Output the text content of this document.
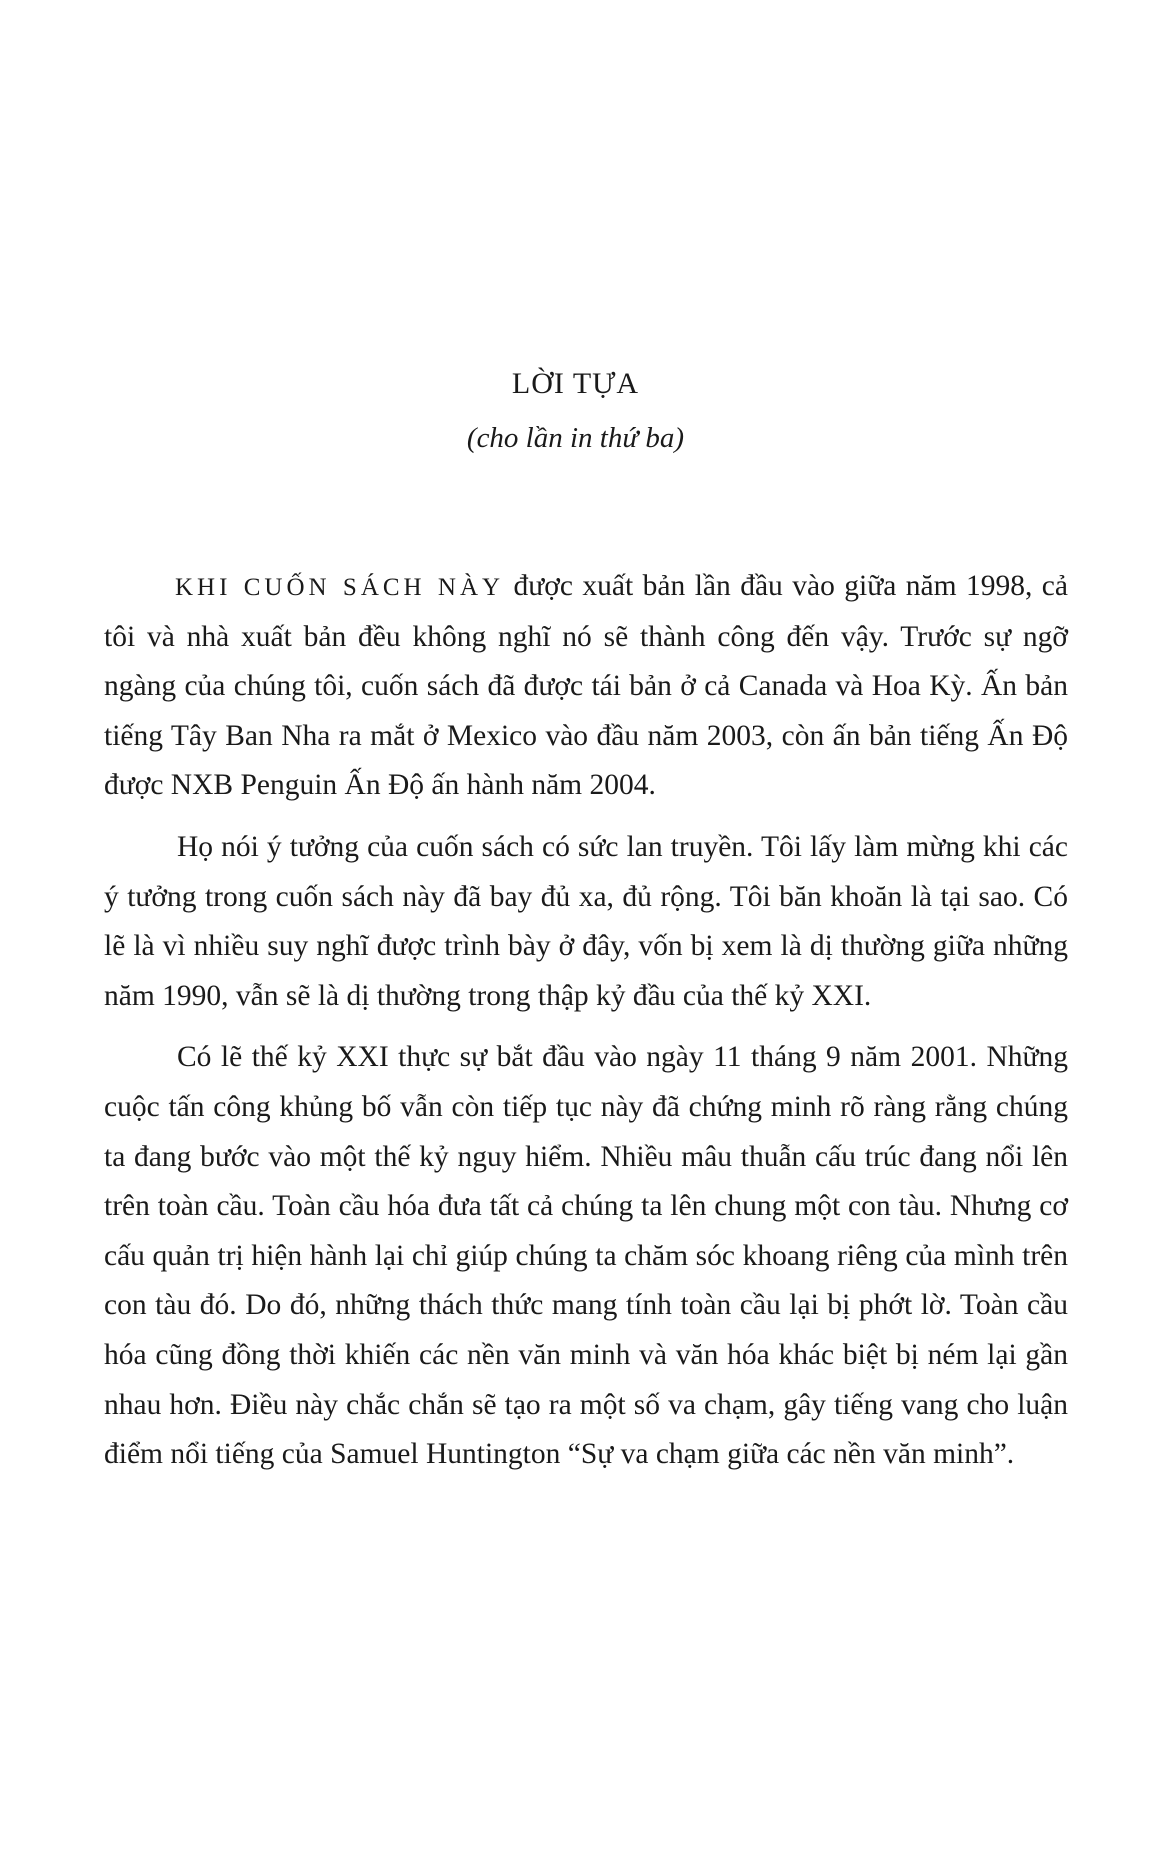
LỜI TỰA
(cho lần in thứ ba)

KHI CUỐN SÁCH NÀY được xuất bản lần đầu vào giữa năm 1998, cả tôi và nhà xuất bản đều không nghĩ nó sẽ thành công đến vậy. Trước sự ngỡ ngàng của chúng tôi, cuốn sách đã được tái bản ở cả Canada và Hoa Kỳ. Ấn bản tiếng Tây Ban Nha ra mắt ở Mexico vào đầu năm 2003, còn ấn bản tiếng Ấn Độ được NXB Penguin Ấn Độ ấn hành năm 2004.

Họ nói ý tưởng của cuốn sách có sức lan truyền. Tôi lấy làm mừng khi các ý tưởng trong cuốn sách này đã bay đủ xa, đủ rộng. Tôi băn khoăn là tại sao. Có lẽ là vì nhiều suy nghĩ được trình bày ở đây, vốn bị xem là dị thường giữa những năm 1990, vẫn sẽ là dị thường trong thập kỷ đầu của thế kỷ XXI.

Có lẽ thế kỷ XXI thực sự bắt đầu vào ngày 11 tháng 9 năm 2001. Những cuộc tấn công khủng bố vẫn còn tiếp tục này đã chứng minh rõ ràng rằng chúng ta đang bước vào một thế kỷ nguy hiểm. Nhiều mâu thuẫn cấu trúc đang nổi lên trên toàn cầu. Toàn cầu hóa đưa tất cả chúng ta lên chung một con tàu. Nhưng cơ cấu quản trị hiện hành lại chỉ giúp chúng ta chăm sóc khoang riêng của mình trên con tàu đó. Do đó, những thách thức mang tính toàn cầu lại bị phớt lờ. Toàn cầu hóa cũng đồng thời khiến các nền văn minh và văn hóa khác biệt bị ném lại gần nhau hơn. Điều này chắc chắn sẽ tạo ra một số va chạm, gây tiếng vang cho luận điểm nổi tiếng của Samuel Huntington “Sự va chạm giữa các nền văn minh”.
